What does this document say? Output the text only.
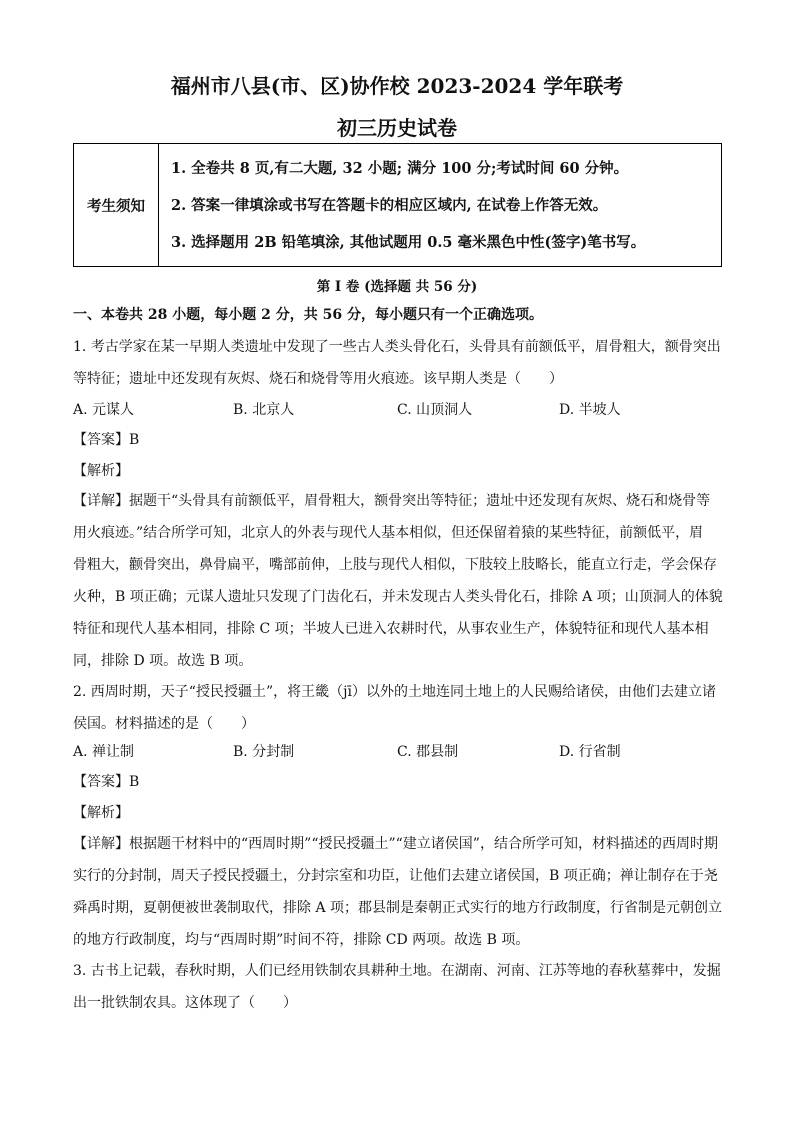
福州市八县(市、区)协作校 2023-2024 学年联考
初三历史试卷
考生须知	
1. 全卷共 8 页,有二大题, 32 小题; 满分 100 分;考试时间 60 分钟。
2. 答案一律填涂或书写在答题卡的相应区域内, 在试卷上作答无效。
3. 选择题用 2B 铅笔填涂, 其他试题用 0.5 毫米黑色中性(签字)笔书写。
第 I 卷 (选择题 共 56 分)
一、本卷共 28 小题，每小题 2 分，共 56 分，每小题只有一个正确选项。
1. 考古学家在某一早期人类遗址中发现了一些古人类头骨化石，头骨具有前额低平，眉骨粗大，额骨突出
等特征；遗址中还发现有灰烬、烧石和烧骨等用火痕迹。该早期人类是（　　）
A. 元谋人	B. 北京人	C. 山顶洞人	D. 半坡人
【答案】B
【解析】
【详解】据题干“头骨具有前额低平，眉骨粗大，额骨突出等特征；遗址中还发现有灰烬、烧石和烧骨等
用火痕迹。”结合所学可知，北京人的外表与现代人基本相似，但还保留着猿的某些特征，前额低平，眉
骨粗大，颧骨突出，鼻骨扁平，嘴部前伸，上肢与现代人相似，下肢较上肢略长，能直立行走，学会保存
火种，B 项正确；元谋人遗址只发现了门齿化石，并未发现古人类头骨化石，排除 A 项；山顶洞人的体貌
特征和现代人基本相同，排除 C 项；半坡人已进入农耕时代，从事农业生产，体貌特征和现代人基本相
同，排除 D 项。故选 B 项。
2. 西周时期，天子“授民授疆土”，将王畿（jī）以外的土地连同土地上的人民赐给诸侯，由他们去建立诸
侯国。材料描述的是（　　）
A. 禅让制	B. 分封制	C. 郡县制	D. 行省制
【答案】B
【解析】
【详解】根据题干材料中的“西周时期”“授民授疆土”“建立诸侯国”，结合所学可知，材料描述的西周时期
实行的分封制，周天子授民授疆土，分封宗室和功臣，让他们去建立诸侯国，B 项正确；禅让制存在于尧
舜禹时期，夏朝便被世袭制取代，排除 A 项；郡县制是秦朝正式实行的地方行政制度，行省制是元朝创立
的地方行政制度，均与“西周时期”时间不符，排除 CD 两项。故选 B 项。
3. 古书上记载，春秋时期，人们已经用铁制农具耕种土地。在湖南、河南、江苏等地的春秋墓葬中，发掘
出一批铁制农具。这体现了（　　）
